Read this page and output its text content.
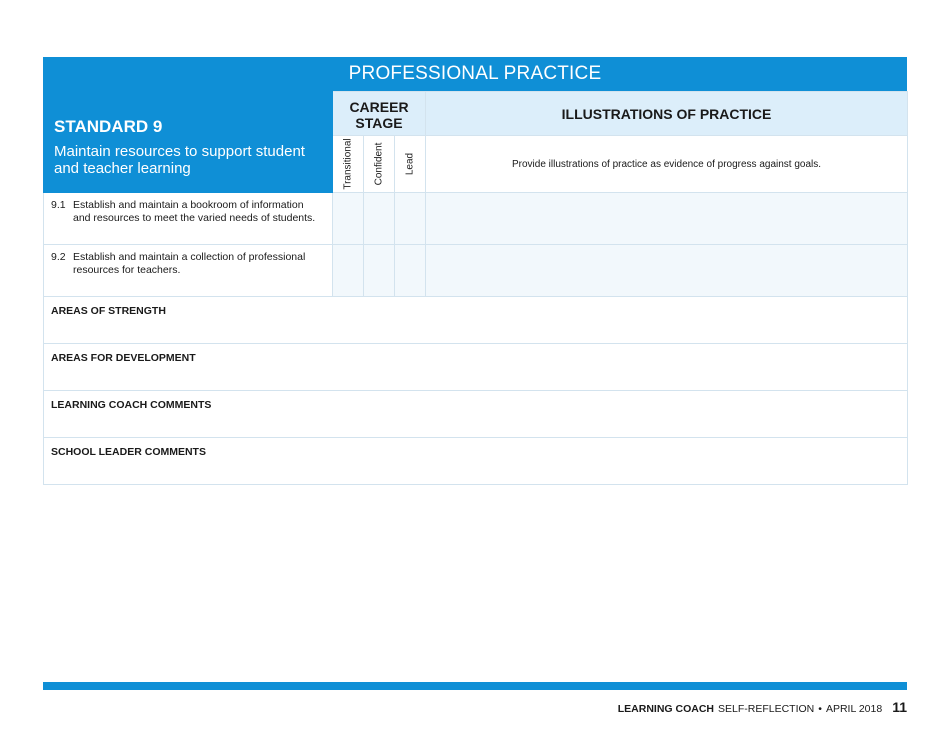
PROFESSIONAL PRACTICE
STANDARD 9
Maintain resources to support student and teacher learning	CAREER STAGE			ILLUSTRATIONS OF PRACTICE

	Transitional	Confident	Lead	Provide illustrations of practice as evidence of progress against goals.
9.1 Establish and maintain a bookroom of information
and resources to meet the varied needs of students.				
9.2 Establish and maintain a collection of professional
resources for teachers.				
AREAS OF STRENGTH				
AREAS FOR DEVELOPMENT				
LEARNING COACH COMMENTS				
SCHOOL LEADER COMMENTS				
LEARNING COACH SELF-REFLECTION • APRIL 2018 11
